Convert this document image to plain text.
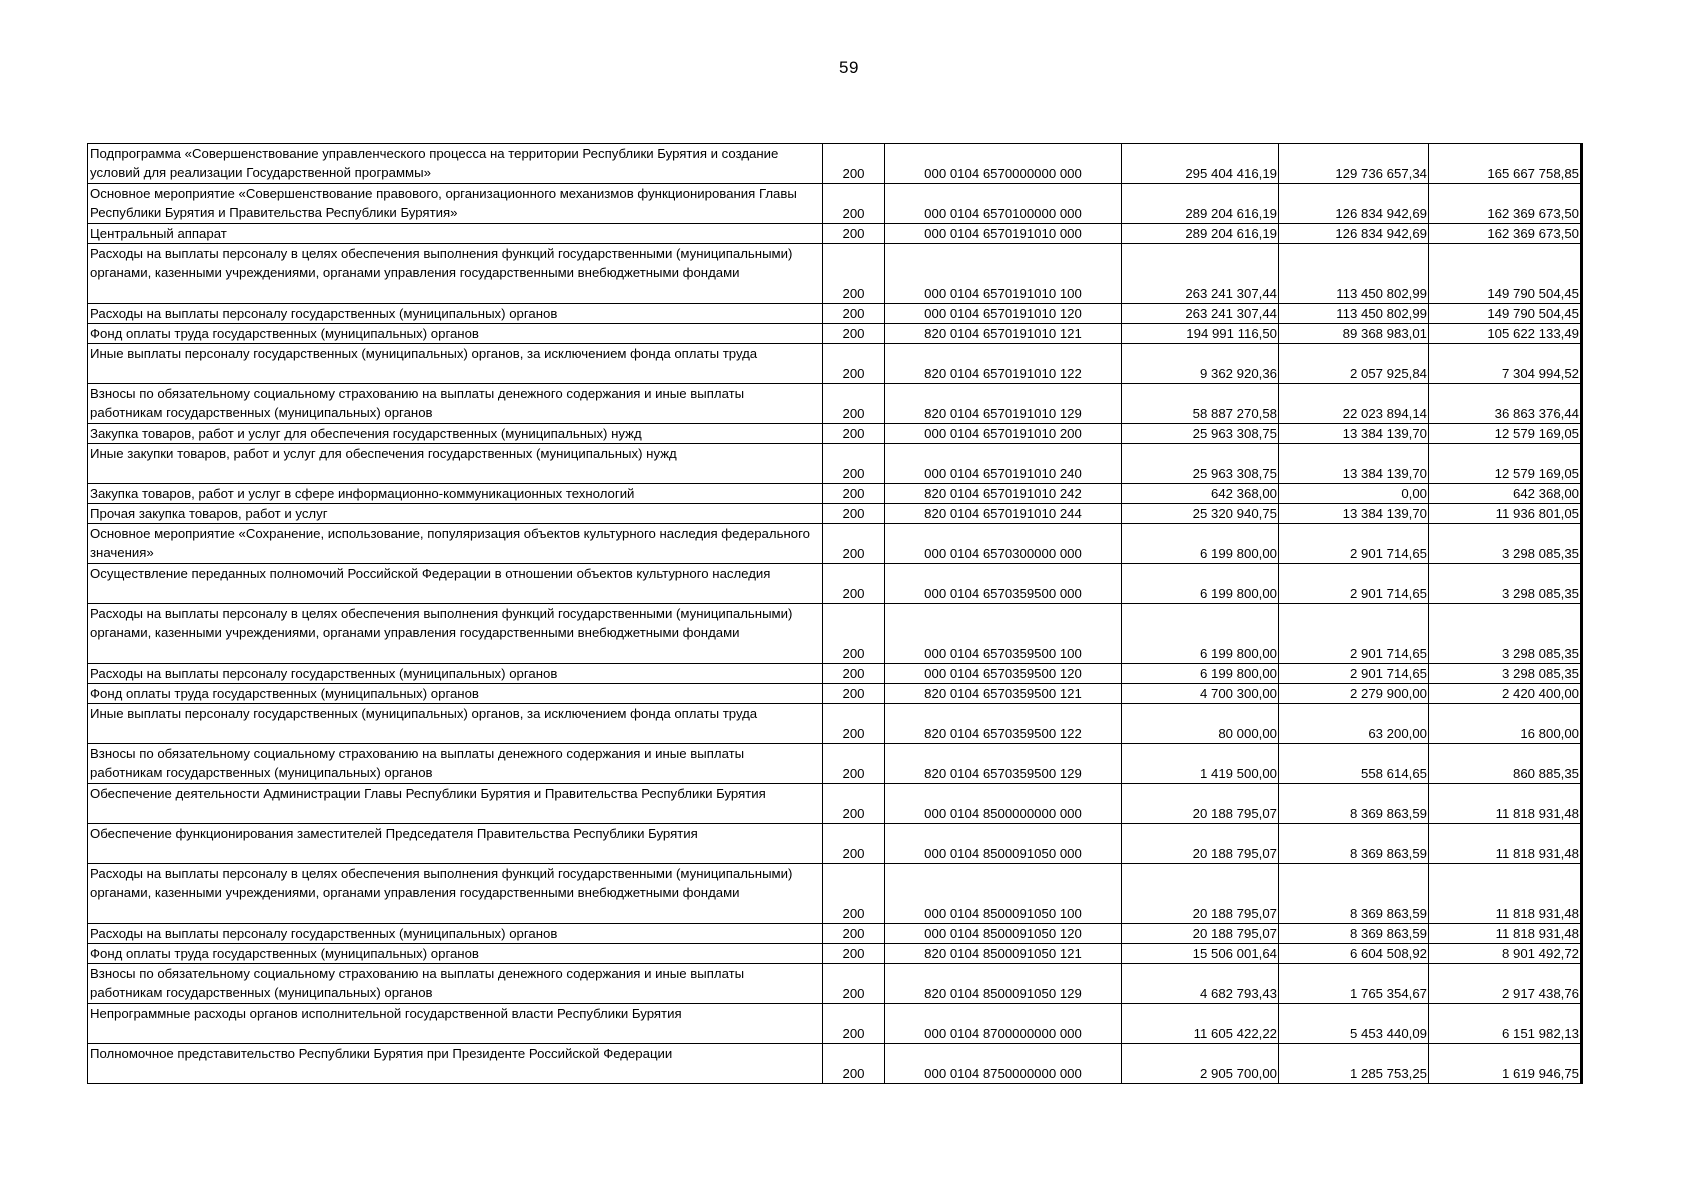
59
Подпрограмма «Совершенствование управленческого процесса на территории Республики Бурятия и создание условий для реализации Государственной программы»	200	000 0104 6570000000 000	295 404 416,19	129 736 657,34	165 667 758,85
Основное мероприятие «Совершенствование правового, организационного механизмов функционирования Главы Республики Бурятия и Правительства Республики Бурятия»	200	000 0104 6570100000 000	289 204 616,19	126 834 942,69	162 369 673,50
Центральный аппарат	200	000 0104 6570191010 000	289 204 616,19	126 834 942,69	162 369 673,50
Расходы на выплаты персоналу в целях обеспечения выполнения функций государственными (муниципальными) органами, казенными учреждениями, органами управления государственными внебюджетными фондами	200	000 0104 6570191010 100	263 241 307,44	113 450 802,99	149 790 504,45
Расходы на выплаты персоналу государственных (муниципальных) органов	200	000 0104 6570191010 120	263 241 307,44	113 450 802,99	149 790 504,45
Фонд оплаты труда государственных (муниципальных) органов	200	820 0104 6570191010 121	194 991 116,50	89 368 983,01	105 622 133,49
Иные выплаты персоналу государственных (муниципальных) органов, за исключением фонда оплаты труда	200	820 0104 6570191010 122	9 362 920,36	2 057 925,84	7 304 994,52
Взносы по обязательному социальному страхованию на выплаты денежного содержания и иные выплаты работникам государственных (муниципальных) органов	200	820 0104 6570191010 129	58 887 270,58	22 023 894,14	36 863 376,44
Закупка товаров, работ и услуг для обеспечения государственных (муниципальных) нужд	200	000 0104 6570191010 200	25 963 308,75	13 384 139,70	12 579 169,05
Иные закупки товаров, работ и услуг для обеспечения государственных (муниципальных) нужд	200	000 0104 6570191010 240	25 963 308,75	13 384 139,70	12 579 169,05
Закупка товаров, работ и услуг в сфере информационно-коммуникационных технологий	200	820 0104 6570191010 242	642 368,00	0,00	642 368,00
Прочая закупка товаров, работ и услуг	200	820 0104 6570191010 244	25 320 940,75	13 384 139,70	11 936 801,05
Основное мероприятие «Сохранение, использование, популяризация объектов культурного наследия федерального значения»	200	000 0104 6570300000 000	6 199 800,00	2 901 714,65	3 298 085,35
Осуществление переданных полномочий Российской Федерации в отношении объектов культурного наследия	200	000 0104 6570359500 000	6 199 800,00	2 901 714,65	3 298 085,35
Расходы на выплаты персоналу в целях обеспечения выполнения функций государственными (муниципальными) органами, казенными учреждениями, органами управления государственными внебюджетными фондами	200	000 0104 6570359500 100	6 199 800,00	2 901 714,65	3 298 085,35
Расходы на выплаты персоналу государственных (муниципальных) органов	200	000 0104 6570359500 120	6 199 800,00	2 901 714,65	3 298 085,35
Фонд оплаты труда государственных (муниципальных) органов	200	820 0104 6570359500 121	4 700 300,00	2 279 900,00	2 420 400,00
Иные выплаты персоналу государственных (муниципальных) органов, за исключением фонда оплаты труда	200	820 0104 6570359500 122	80 000,00	63 200,00	16 800,00
Взносы по обязательному социальному страхованию на выплаты денежного содержания и иные выплаты работникам государственных (муниципальных) органов	200	820 0104 6570359500 129	1 419 500,00	558 614,65	860 885,35
Обеспечение деятельности Администрации Главы Республики Бурятия и Правительства Республики Бурятия	200	000 0104 8500000000 000	20 188 795,07	8 369 863,59	11 818 931,48
Обеспечение функционирования заместителей Председателя Правительства Республики Бурятия	200	000 0104 8500091050 000	20 188 795,07	8 369 863,59	11 818 931,48
Расходы на выплаты персоналу в целях обеспечения выполнения функций государственными (муниципальными) органами, казенными учреждениями, органами управления государственными внебюджетными фондами	200	000 0104 8500091050 100	20 188 795,07	8 369 863,59	11 818 931,48
Расходы на выплаты персоналу государственных (муниципальных) органов	200	000 0104 8500091050 120	20 188 795,07	8 369 863,59	11 818 931,48
Фонд оплаты труда государственных (муниципальных) органов	200	820 0104 8500091050 121	15 506 001,64	6 604 508,92	8 901 492,72
Взносы по обязательному социальному страхованию на выплаты денежного содержания и иные выплаты работникам государственных (муниципальных) органов	200	820 0104 8500091050 129	4 682 793,43	1 765 354,67	2 917 438,76
Непрограммные расходы органов исполнительной государственной власти Республики Бурятия	200	000 0104 8700000000 000	11 605 422,22	5 453 440,09	6 151 982,13
Полномочное представительство Республики Бурятия при Президенте Российской Федерации	200	000 0104 8750000000 000	2 905 700,00	1 285 753,25	1 619 946,75
